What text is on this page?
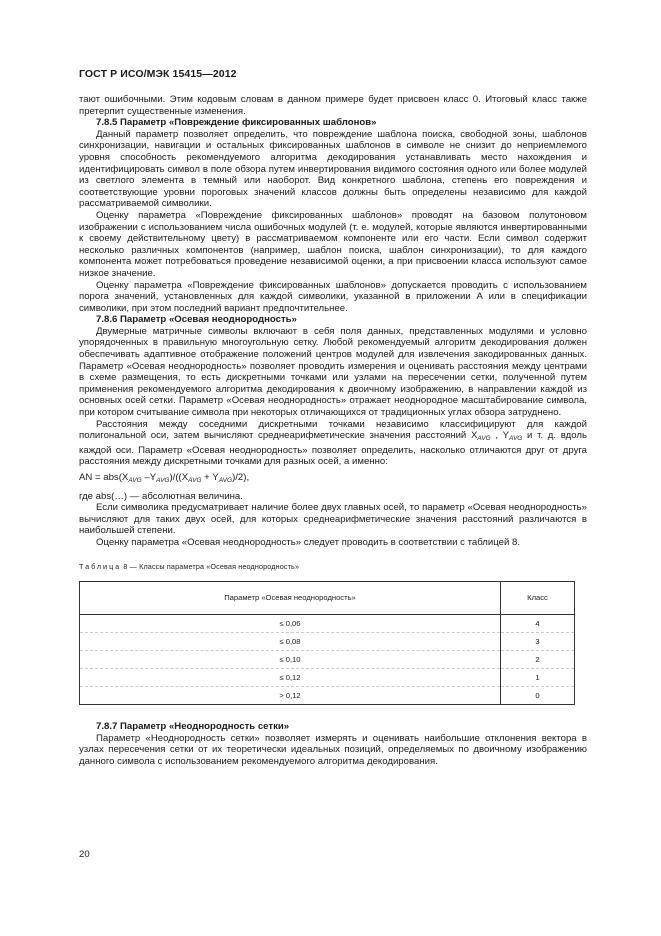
ГОСТ Р ИСО/МЭК 15415—2012

тают ошибочными. Этим кодовым словам в данном примере будет присвоен класс 0. Итоговый класс также претерпит существенные изменения.

7.8.5 Параметр «Повреждение фиксированных шаблонов»

Данный параметр позволяет определить, что повреждение шаблона поиска, свободной зоны, шаблонов синхронизации, навигации и остальных фиксированных шаблонов в символе не снизит до неприемлемого уровня способность рекомендуемого алгоритма декодирования устанавливать место нахождения и идентифицировать символ в поле обзора путем инвертирования видимого состояния одного или более модулей из светлого элемента в темный или наоборот. Вид конкретного шаблона, степень его повреждения и соответствующие уровни пороговых значений классов должны быть определены независимо для каждой рассматриваемой символики.

Оценку параметра «Повреждение фиксированных шаблонов» проводят на базовом полутоновом изображении с использованием числа ошибочных модулей (т. е. модулей, которые являются инвертированными к своему действительному цвету) в рассматриваемом компоненте или его части. Если символ содержит несколько различных компонентов (например, шаблон поиска, шаблон синхронизации), то для каждого компонента может потребоваться проведение независимой оценки, а при присвоении класса используют самое низкое значение.

Оценку параметра «Повреждение фиксированных шаблонов» допускается проводить с использованием порога значений, установленных для каждой символики, указанной в приложении А или в спецификации символики, при этом последний вариант предпочтительнее.

7.8.6 Параметр «Осевая неоднородность»

Двумерные матричные символы включают в себя поля данных, представленных модулями и условно упорядоченных в правильную многоугольную сетку. Любой рекомендуемый алгоритм декодирования должен обеспечивать адаптивное отображение положений центров модулей для извлечения закодированных данных. Параметр «Осевая неоднородность» позволяет проводить измерения и оценивать расстояния между центрами в схеме размещения, то есть дискретными точками или узлами на пересечении сетки, полученной путем применения рекомендуемого алгоритма декодирования к двоичному изображению, в направлении каждой из основных осей сетки. Параметр «Осевая неоднородность» отражает неоднородное масштабирование символа, при котором считывание символа при некоторых отличающихся от традиционных углах обзора затруднено.

Расстояния между соседними дискретными точками независимо классифицируют для каждой полигональной оси, затем вычисляют среднеарифметические значения расстояний $X_{AVG}$ , $Y_{AVG}$ и т. д. вдоль каждой оси. Параметр «Осевая неоднородность» позволяет определить, насколько отличаются друг от друга расстояния между дискретными точками для разных осей, а именно:

AN = $abs(X_{AVG}$ $-Y_{AVG})/((X_{AVG} + Y_{AVG})/2)$,

где abs(…) — абсолютная величина.

Если символика предусматривает наличие более двух главных осей, то параметр «Осевая неоднородность» вычисляют для таких двух осей, для которых среднеарифметические значения расстояний различаются в наибольшей степени.

Оценку параметра «Осевая неоднородность» следует проводить в соответствии с таблицей 8.

Таблица 8 — Классы параметра «Осевая неоднородность»

Параметр «Осевая неоднородность»	Класс
≤ 0,06	4
≤ 0,08	3
≤ 0,10	2
≤ 0,12	1
> 0,12	0

7.8.7 Параметр «Неоднородность сетки»

Параметр «Неоднородность сетки» позволяет измерять и оценивать наибольшие отклонения вектора в узлах пересечения сетки от их теоретически идеальных позиций, определяемых по двоичному изображению данного символа с использованием рекомендуемого алгоритма декодирования.

20
